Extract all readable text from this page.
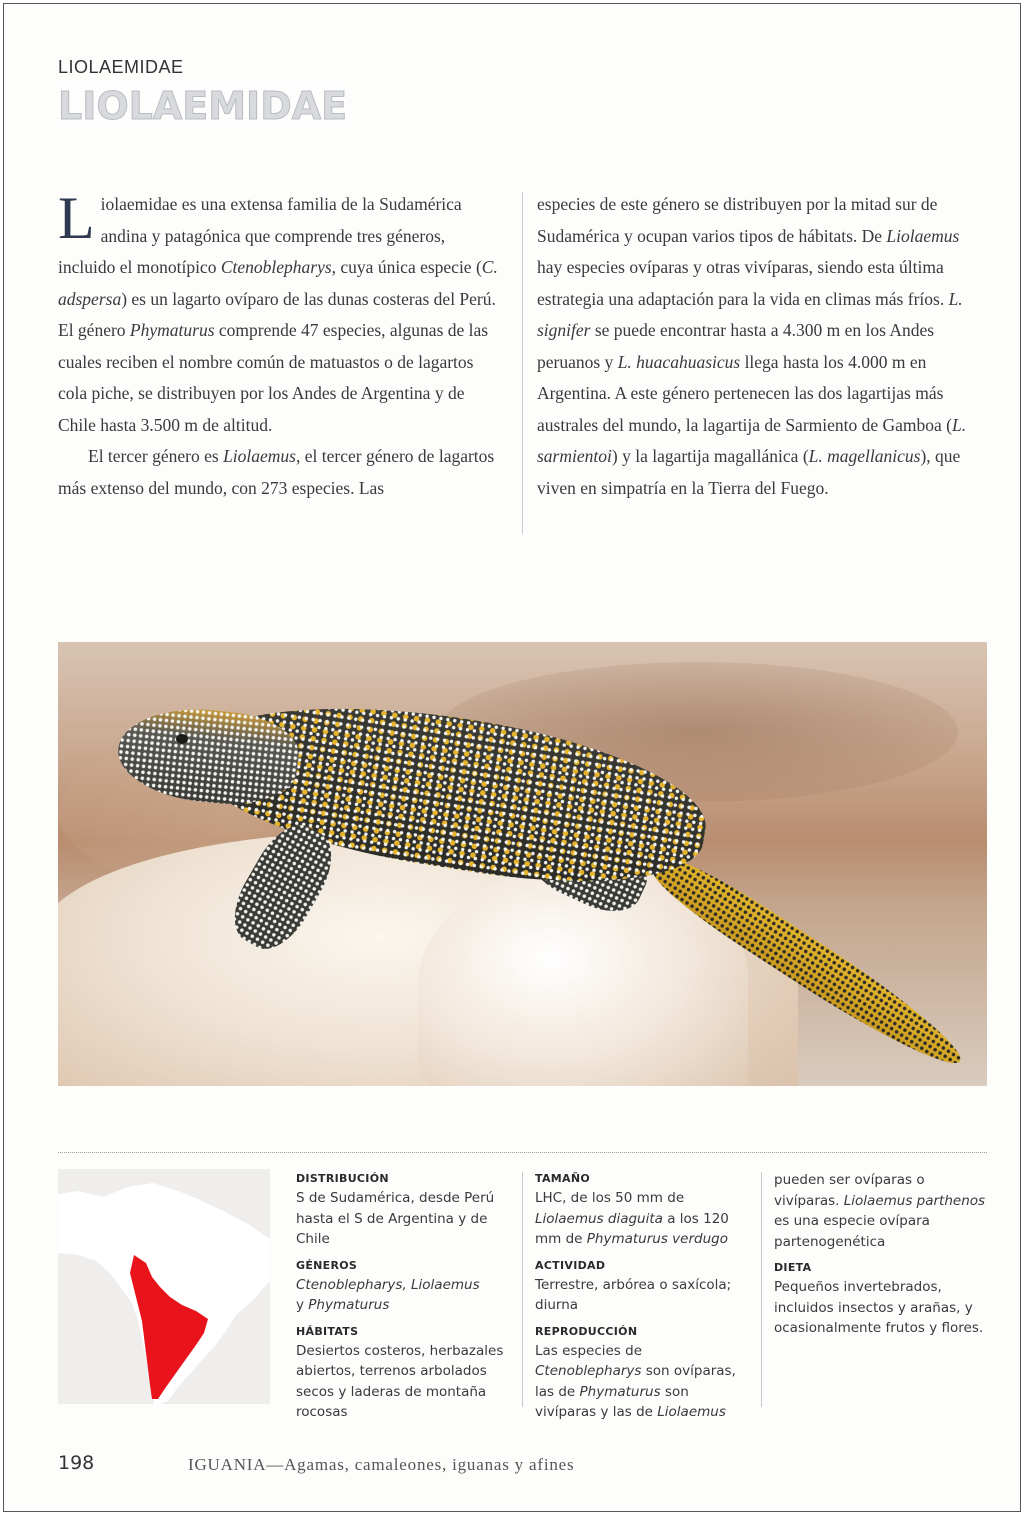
LIOLAEMIDAE
LIOLAEMIDAE

Liolaemidae es una extensa familia de la Sudamérica andina y patagónica que comprende tres géneros, incluido el monotípico Ctenoblepharys, cuya única especie (C. adspersa) es un lagarto ovíparo de las dunas costeras del Perú. El género Phymaturus comprende 47 especies, algunas de las cuales reciben el nombre común de matuastos o de lagartos cola piche, se distribuyen por los Andes de Argentina y de Chile hasta 3.500 m de altitud.

El tercer género es Liolaemus, el tercer género de lagartos más extenso del mundo, con 273 especies. Las

especies de este género se distribuyen por la mitad sur de Sudamérica y ocupan varios tipos de hábitats. De Liolaemus hay especies ovíparas y otras vivíparas, siendo esta última estrategia una adaptación para la vida en climas más fríos. L. signifer se puede encontrar hasta a 4.300 m en los Andes peruanos y L. huacahuasicus llega hasta los 4.000 m en Argentina. A este género pertenecen las dos lagartijas más australes del mundo, la lagartija de Sarmiento de Gamboa (L. sarmientoi) y la lagartija magallánica (L. magellanicus), que viven en simpatría en la Tierra del Fuego.

DISTRIBUCIÓN
S de Sudamérica, desde Perú hasta el S de Argentina y de Chile
GÉNEROS
Ctenoblepharys, Liolaemus
y Phymaturus
HÁBITATS
Desiertos costeros, herbazales abiertos, terrenos arbolados secos y laderas de montaña rocosas
TAMAÑO
LHC, de los 50 mm de Liolaemus diaguita a los 120 mm de Phymaturus verdugo
ACTIVIDAD
Terrestre, arbórea o saxícola; diurna
REPRODUCCIÓN
Las especies de Ctenoblepharys son ovíparas, las de Phymaturus son vivíparas y las de Liolaemus
pueden ser ovíparas o vivíparas. Liolaemus parthenos es una especie ovípara partenogenética
DIETA
Pequeños invertebrados, incluidos insectos y arañas, y ocasionalmente frutos y flores.
198	IGUANIA—Agamas, camaleones, iguanas y afines
